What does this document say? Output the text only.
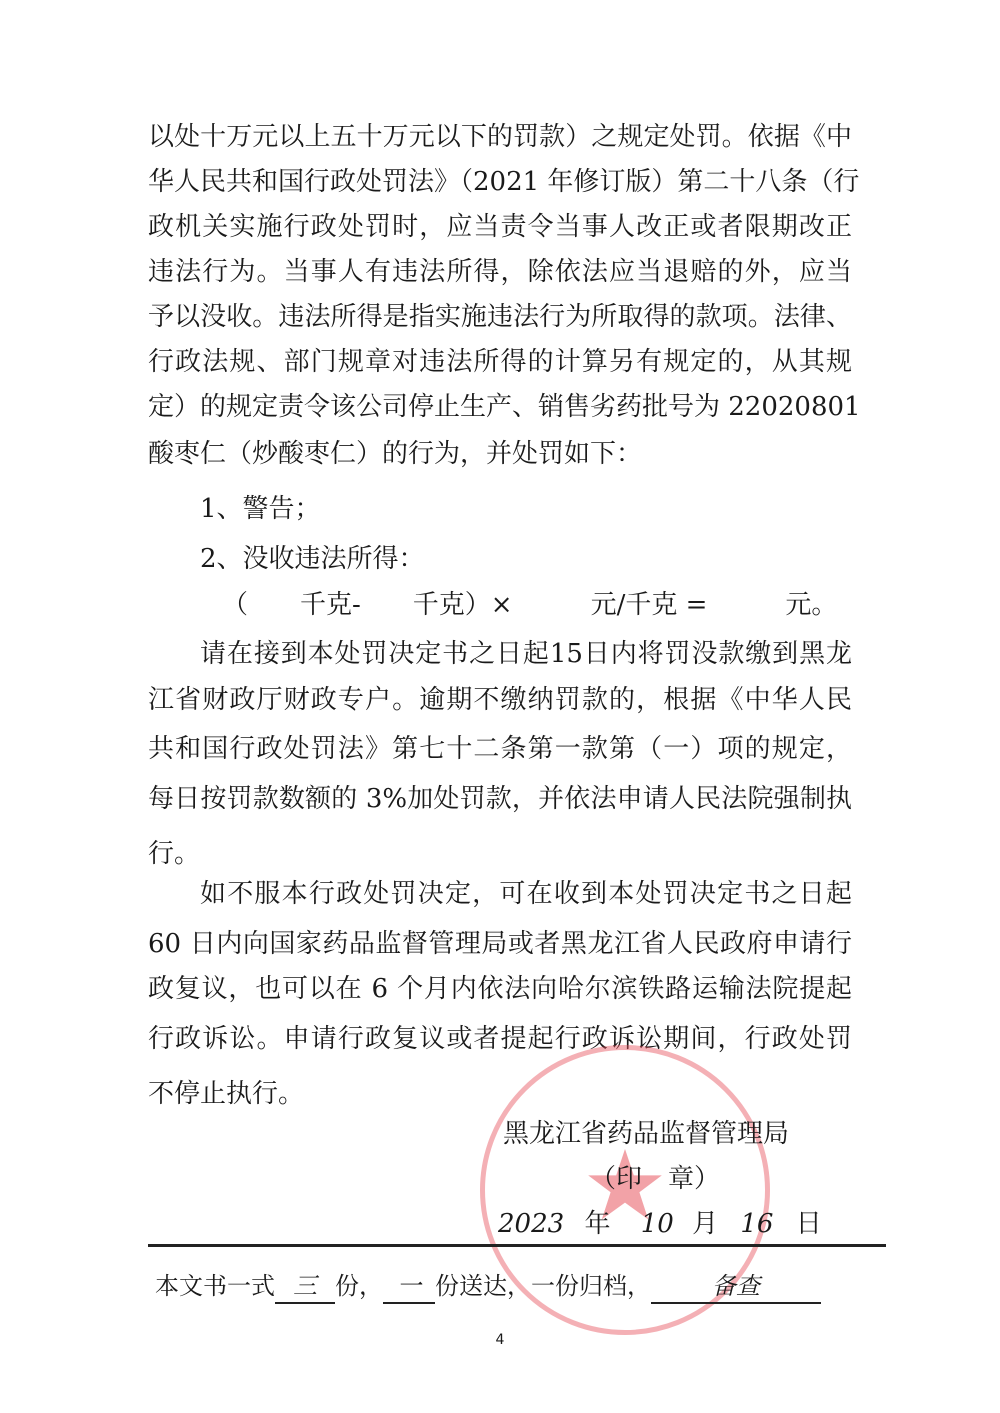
以处十万元以上五十万元以下的罚款）之规定处罚。依据《中
华人民共和国行政处罚法》（2021 年修订版）第二十八条（行
政机关实施行政处罚时，应当责令当事人改正或者限期改正
违法行为。当事人有违法所得，除依法应当退赔的外，应当
予以没收。违法所得是指实施违法行为所取得的款项。法律、
行政法规、部门规章对违法所得的计算另有规定的，从其规
定）的规定责令该公司停止生产、销售劣药批号为 22020801
酸枣仁（炒酸枣仁）的行为，并处罚如下：
1、警告；
2、没收违法所得：
（　　千克-　　千克）×　　　元/千克 =　　　元。
请在接到本处罚决定书之日起15日内将罚没款缴到黑龙
江省财政厅财政专户。逾期不缴纳罚款的，根据《中华人民
共和国行政处罚法》第七十二条第一款第（一）项的规定，
每日按罚款数额的 3%加处罚款，并依法申请人民法院强制执
行。
如不服本行政处罚决定，可在收到本处罚决定书之日起
60 日内向国家药品监督管理局或者黑龙江省人民政府申请行
政复议，也可以在 6 个月内依法向哈尔滨铁路运输法院提起
行政诉讼。申请行政复议或者提起行政诉讼期间，行政处罚
不停止执行。
黑龙江省药品监督管理局
（印　章）
2023 年 10 月 16 日
本文书一式 三 份， 一 份送达，一份归档，	备查
4
